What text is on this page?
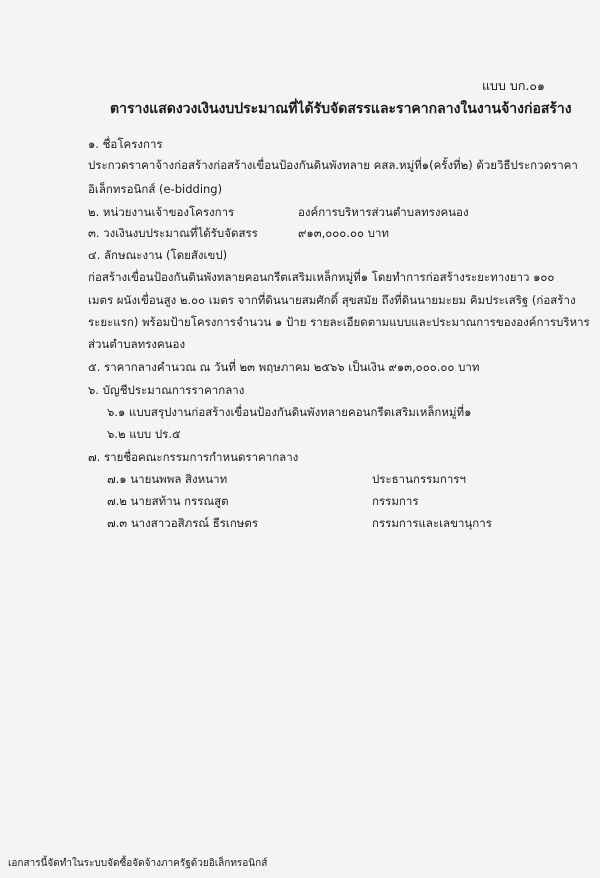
แบบ บก.๐๑
ตารางแสดงวงเงินงบประมาณที่ได้รับจัดสรรและราคากลางในงานจ้างก่อสร้าง
๑. ชื่อโครงการ
ประกวดราคาจ้างก่อสร้างก่อสร้างเขื่อนป้องกันดินพังทลาย คสล.หมู่ที่๑(ครั้งที่๒) ด้วยวิธีประกวดราคา
อิเล็กทรอนิกส์ (e-bidding)
๒. หน่วยงานเจ้าของโครงการ	องค์การบริหารส่วนตำบลทรงคนอง
๓. วงเงินงบประมาณที่ได้รับจัดสรร	๙๑๓,๐๐๐.๐๐ บาท
๔. ลักษณะงาน (โดยสังเขป)
ก่อสร้างเขื่อนป้องกันดินพังทลายคอนกรีตเสริมเหล็กหมู่ที่๑ โดยทำการก่อสร้างระยะทางยาว ๑๐๐
เมตร ผนังเขื่อนสูง ๒.๐๐ เมตร จากที่ดินนายสมศักดิ์ สุขสมัย ถึงที่ดินนายมะยม คิมประเสริฐ (ก่อสร้าง
ระยะแรก) พร้อมป้ายโครงการจำนวน ๑ ป้าย รายละเอียดตามแบบและประมาณการขององค์การบริหาร
ส่วนตำบลทรงคนอง
๕. ราคากลางคำนวณ ณ วันที่ ๒๓ พฤษภาคม ๒๕๖๖ เป็นเงิน ๙๑๓,๐๐๐.๐๐ บาท
๖. บัญชีประมาณการราคากลาง
๖.๑ แบบสรุปงานก่อสร้างเขื่อนป้องกันดินพังทลายคอนกรีตเสริมเหล็กหมู่ที่๑
๖.๒ แบบ ปร.๕
๗. รายชื่อคณะกรรมการกำหนดราคากลาง
๗.๑ นายนพพล สิงหนาท	ประธานกรรมการฯ
๗.๒ นายสท้าน กรรณสูต	กรรมการ
๗.๓ นางสาวอสิภรณ์ ธีรเกษตร	กรรมการและเลขานุการ
เอกสารนี้จัดทำในระบบจัดซื้อจัดจ้างภาครัฐด้วยอิเล็กทรอนิกส์
